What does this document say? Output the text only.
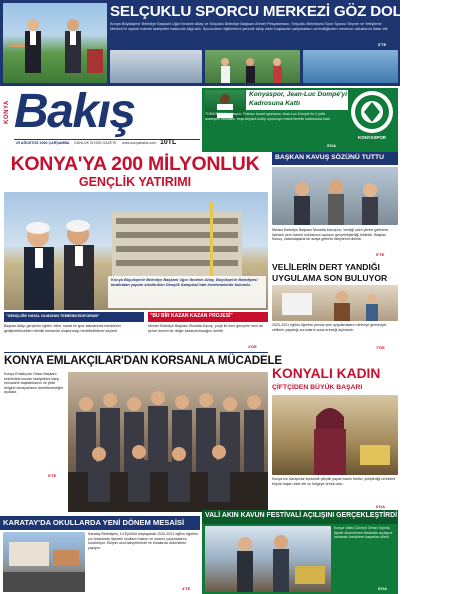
SELÇUKLU SPORCU MERKEZİ GÖZ DOLDURDU
Konya Büyükşehir Belediye Başkanı Uğur İbrahim Altay ve Selçuklu Belediye Başkanı Ahmet Pekyatırmacı, Selçuklu Belediyesi Spor Sporcu Seçme ve Yetiştirme Merkezi'ni ziyaret ederek faaliyetler hakkında bilgi aldı. Sporcuların eğitimlerini yerinde takip eden başkanlar çalışmaların verimliliğinden memnun olduklarını ifade etti.
3'TE
KONYA Bakış
25 AĞUSTOS 2020 ÇARŞAMBA GÜNLÜK SİYASİ GAZETE www.konyabakis.com 10TL
Konyaspor, Jean-Luc Dompé'yi Kadrosuna Kattı
TÜMOSAN Konyaspor, Fransız kanat oyuncusu Jean-Luc Dompé ile 2 yıllık sözleşme imzaladı. Yeşil-beyazlı kulüp oyuncuyu resmi törenle kadrosuna kattı.
9'DA
KONYASPOR
KONYA'YA 200 MİLYONLUK
GENÇLİK YATIRIMI
Konya Büyükşehir Belediye Başkanı Uğur İbrahim Altay, Büyükşehir Belediyesi tarafından yapımı sürdürülen Gençlik Kampüsü'nde incelemelerde bulundu.
"GENÇLİĞE HAYAL OLMAYAN TEMENNİ EDİYORUM"	"BU BİR KAZAN KAZAN PROJESİ"
Başkan Altay, gençlerin eğitim, bilim, sanat ve spor alanlarında kendilerini geliştirebilecekleri nitelikli mekanlar oluşturmayı hedeflediklerini söyledi.
Meram Belediye Başkanı Mustafa Kavuş, proje ile hem gençlere hem de şehre önemli bir değer kazandırılacağını belirtti.
2'DE
BAŞKAN KAVUŞ SÖZÜNÜ TUTTU
Meram Belediye Başkanı Mustafa Kavuş'un, verdiği sözü yerine getirerek ilçedeki yeni hizmet noktasının açılışını gerçekleştirdiği bildirildi. Başkan Kavuş, vatandaşlarla bir araya gelerek taleplerini dinledi.
5'TE
VELİLERİN DERT YANDIĞI UYGULAMA SON BULUYOR
2020-2021 eğitim öğretim yılında yeni uygulamaların devreye girmesiyle velilerin yaşadığı sorunların sona ereceği açıklandı.
7'DE
KONYA EMLAKÇILAR'DAN KORSANLA MÜCADELE
Konya Emlakçılar Odası Başkanı, sektördeki korsan faaliyetlere karşı mücadele başlattıklarını ve yetki belgesi olmayanların denetleneceğini açıkladı.
5'TE
KONYALI KADIN
ÇİFTÇİDEN BÜYÜK BAŞARI
Konya'nın Karapınar ilçesinde çiftçilik yapan kadın üretici, yetiştirdiği ürünlerle büyük başarı elde etti ve bölgeye örnek oldu.
6'DA
KARATAY'DA OKULLARDA YENİ DÖNEM MESAİSİ
Karatay Belediyesi, 14 Eylül'de başlayacak 2020-2021 eğitim öğretim yılı öncesinde ilçedeki okulların bakım ve onarım çalışmalarını sürdürüyor. Ekipler okul bahçelerinde ve binalarda düzenleme yapıyor.
4'TE
VALİ AKIN KAVUN FESTİVALİ AÇILIŞINI GERÇEKLEŞTİRDİ
Konya Valisi Cüneyit Orhan Toprak, ilçede düzenlenen festivalin açılışına katılarak üreticilere başarılar diledi.
6'DA
